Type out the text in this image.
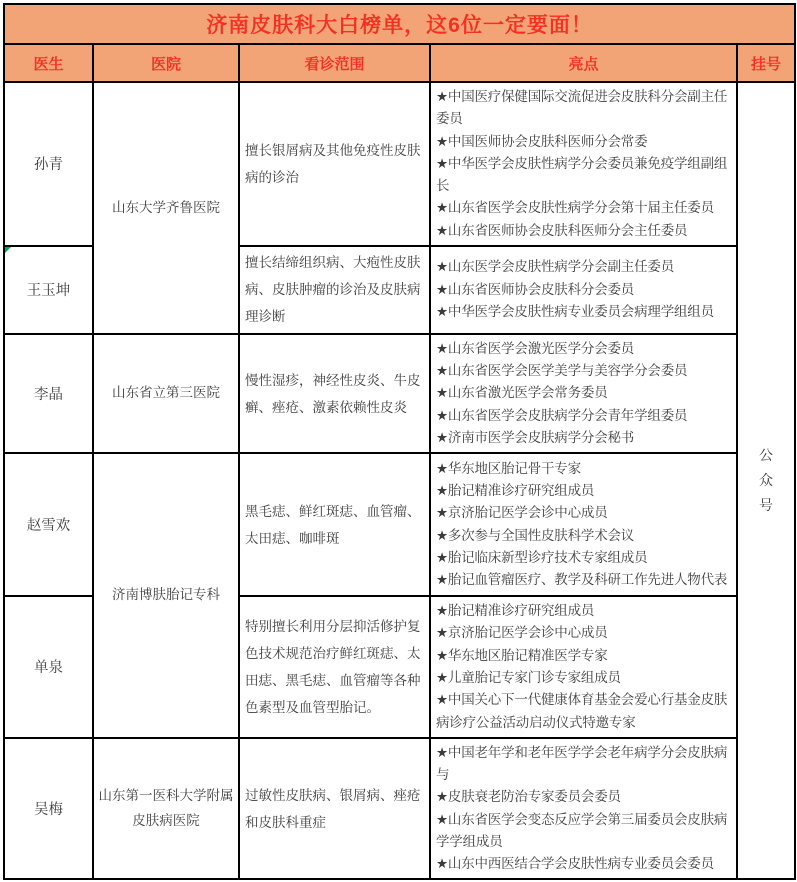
济南皮肤科大白榜单，这6位一定要面！				
医生	医院	看诊范围	亮点	挂号
孙青	山东大学齐鲁医院	擅长银屑病及其他免疫性皮肤病的诊治	★中国医疗保健国际交流促进会皮肤科分会副主任委员
★中国医师协会皮肤科医师分会常委
★中华医学会皮肤性病学分会委员兼免疫学组副组长
★山东省医学会皮肤性病学分会第十届主任委员
★山东省医师协会皮肤科医师分会主任委员	公众号

王玉坤		擅长结缔组织病、大疱性皮肤病、皮肤肿瘤的诊治及皮肤病理诊断	★山东医学会皮肤性病学分会副主任委员
★山东省医师协会皮肤科分会委员
★中华医学会皮肤性病专业委员会病理学组组员	

李晶	山东省立第三医院	慢性湿疹，神经性皮炎、牛皮癣、痤疮、激素依赖性皮炎	★山东省医学会激光医学分会委员
★山东省医学会医学美学与美容学分会委员
★山东省激光医学会常务委员
★山东省医学会皮肤病学分会青年学组委员
★济南市医学会皮肤病学分会秘书	

赵雪欢	济南博肤胎记专科	黑毛痣、鲜红斑痣、血管瘤、太田痣、咖啡斑	
★华东地区胎记骨干专家
★胎记精准诊疗研究组成员
★京济胎记医学会诊中心成员
★多次参与全国性皮肤科学术会议
★胎记临床新型诊疗技术专家组成员
★胎记血管瘤医疗、教学及科研工作先进人物代表

单泉		特别擅长利用分层抑活修护复色技术规范治疗鲜红斑痣、太田痣、黑毛痣、血管瘤等各种色素型及血管型胎记。	★胎记精准诊疗研究组成员
★京济胎记医学会诊中心成员
★华东地区胎记精准医学专家
★儿童胎记专家门诊专家组成员
★中国关心下一代健康体育基金会爱心行基金皮肤病诊疗公益活动启动仪式特邀专家	

吴梅	山东第一医科大学附属皮肤病医院	过敏性皮肤病、银屑病、痤疮和皮肤科重症	★中国老年学和老年医学学会老年病学分会皮肤病与
★皮肤衰老防治专家委员会委员
★山东省医学会变态反应学会第三届委员会皮肤病学学组成员
★山东中西医结合学会皮肤性病专业委员会委员	
